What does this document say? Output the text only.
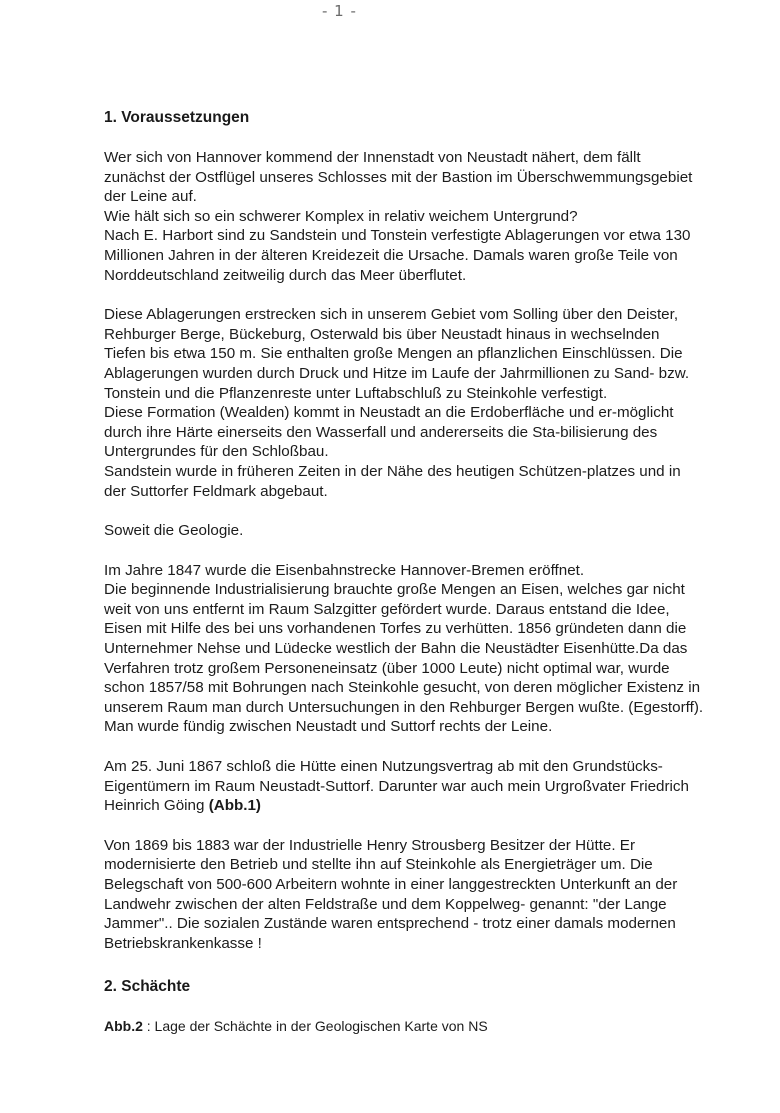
- 1 -
1. Voraussetzungen

Wer sich von Hannover kommend der Innenstadt von Neustadt nähert, dem fällt zunächst der Ostflügel unseres Schlosses mit der Bastion im Überschwemmungsgebiet der Leine auf.
Wie hält sich so ein schwerer Komplex in relativ weichem Untergrund?
Nach E. Harbort sind zu Sandstein und Tonstein verfestigte Ablagerungen vor etwa 130 Millionen Jahren in der älteren Kreidezeit die Ursache. Damals waren große Teile von Norddeutschland zeitweilig durch das Meer überflutet.

Diese Ablagerungen erstrecken sich in unserem Gebiet vom Solling über den Deister, Rehburger Berge, Bückeburg, Osterwald bis über Neustadt hinaus in wechselnden Tiefen bis etwa 150 m. Sie enthalten große Mengen an pflanzlichen Einschlüssen. Die Ablagerungen wurden durch Druck und Hitze im Laufe der Jahrmillionen zu Sand- bzw. Tonstein und die Pflanzenreste unter Luftabschluß zu Steinkohle verfestigt.
Diese Formation (Wealden) kommt in Neustadt an die Erdoberfläche und er-möglicht durch ihre Härte einerseits den Wasserfall und andererseits die Sta-bilisierung des Untergrundes für den Schloßbau.
Sandstein wurde in früheren Zeiten in der Nähe des heutigen Schützen-platzes und in der Suttorfer Feldmark abgebaut.

Soweit die Geologie.

Im Jahre 1847 wurde die Eisenbahnstrecke Hannover-Bremen eröffnet.
Die beginnende Industrialisierung brauchte große Mengen an Eisen, welches gar nicht weit von uns entfernt im Raum Salzgitter gefördert wurde. Daraus entstand die Idee, Eisen mit Hilfe des bei uns vorhandenen Torfes zu verhütten. 1856 gründeten dann die Unternehmer Nehse und Lüdecke westlich der Bahn die Neustädter Eisenhütte.Da das Verfahren trotz großem Personeneinsatz (über 1000 Leute) nicht optimal war, wurde schon 1857/58 mit Bohrungen nach Steinkohle gesucht, von deren möglicher Existenz in unserem Raum man durch Untersuchungen in den Rehburger Bergen wußte. (Egestorff). Man wurde fündig zwischen Neustadt und Suttorf rechts der Leine.

Am 25. Juni 1867 schloß die Hütte einen Nutzungsvertrag ab mit den Grundstücks-Eigentümern im Raum Neustadt-Suttorf. Darunter war auch mein Urgroßvater Friedrich Heinrich Göing (Abb.1)

Von 1869 bis 1883 war der Industrielle Henry Strousberg Besitzer der Hütte. Er modernisierte den Betrieb und stellte ihn auf Steinkohle als Energieträger um. Die Belegschaft von 500-600 Arbeitern wohnte in einer langgestreckten Unterkunft an der Landwehr zwischen der alten Feldstraße und dem Koppelweg- genannt: "der Lange Jammer".. Die sozialen Zustände waren entsprechend - trotz einer damals modernen Betriebskrankenkasse !

2. Schächte

Abb.2 : Lage der Schächte in der Geologischen Karte von NS
